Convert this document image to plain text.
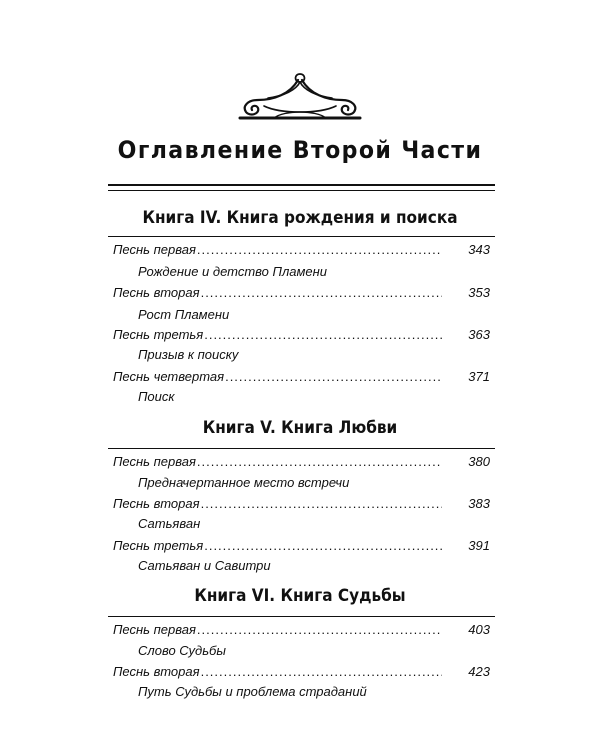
Оглавление Второй Части
Книга IV. Книга рождения и поиска
Песнь первая .....	343
Рождение и детство Пламени
Песнь вторая .....	353
Рост Пламени
Песнь третья .....	363
Призыв к поиску
Песнь четвертая .....	371
Поиск
Книга V. Книга Любви
Песнь первая .....	380
Предначертанное место встречи
Песнь вторая .....	383
Сатьяван
Песнь третья .....	391
Сатьяван и Савитри
Книга VI. Книга Судьбы
Песнь первая .....	403
Слово Судьбы
Песнь вторая .....	423
Путь Судьбы и проблема страданий
